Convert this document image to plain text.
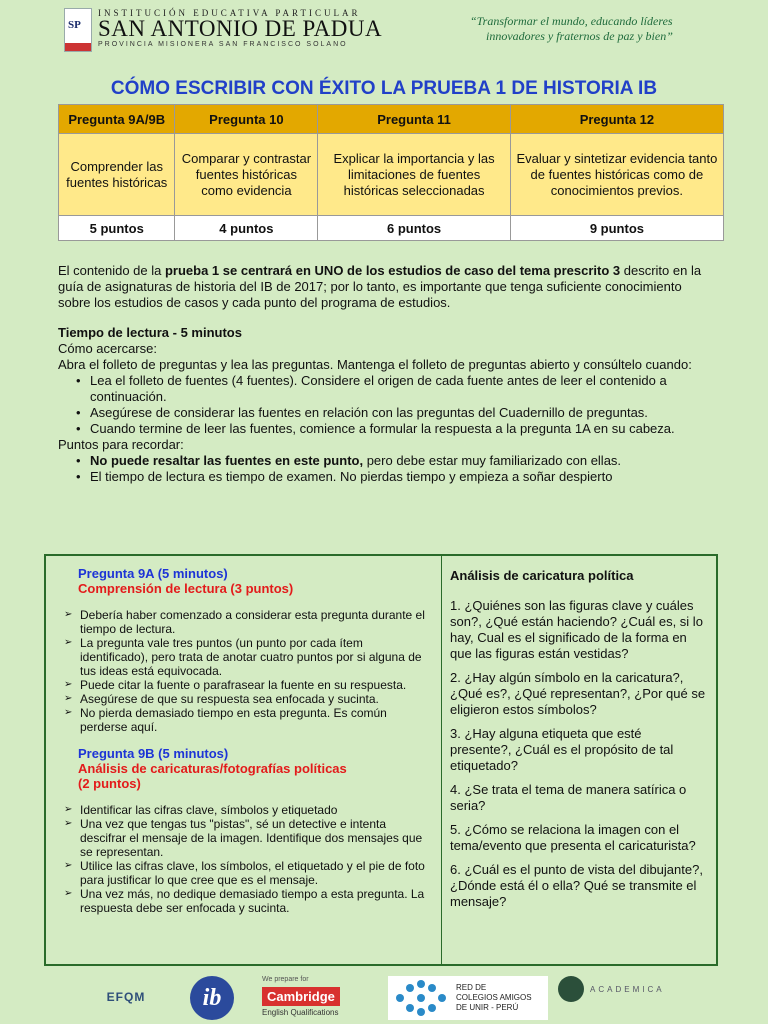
SP
INSTITUCIÓN EDUCATIVA PARTICULAR
SAN ANTONIO DE PADUA
PROVINCIA MISIONERA SAN FRANCISCO SOLANO
“Transformar el mundo, educando líderes
innovadores y fraternos de paz y bien”
CÓMO ESCRIBIR CON ÉXITO LA PRUEBA 1 DE HISTORIA IB
Pregunta 9A/9B	Pregunta 10	Pregunta 11	Pregunta 12
Comprender las fuentes históricas	Comparar y contrastar fuentes históricas como evidencia	Explicar la importancia y las limitaciones de fuentes históricas seleccionadas	Evaluar y sintetizar evidencia tanto de fuentes históricas como de conocimientos previos.
5 puntos	4 puntos	6 puntos	9 puntos

El contenido de la prueba 1 se centrará en UNO de los estudios de caso del tema prescrito 3 descrito en la guía de asignaturas de historia del IB de 2017; por lo tanto, es importante que tenga suficiente conocimiento sobre los estudios de casos y cada punto del programa de estudios.

Tiempo de lectura - 5 minutos
Cómo acercarse:
Abra el folleto de preguntas y lea las preguntas. Mantenga el folleto de preguntas abierto y consúltelo cuando:
• Lea el folleto de fuentes (4 fuentes). Considere el origen de cada fuente antes de leer el contenido a continuación.
• Asegúrese de considerar las fuentes en relación con las preguntas del Cuadernillo de preguntas.
• Cuando termine de leer las fuentes, comience a formular la respuesta a la pregunta 1A en su cabeza.
Puntos para recordar:
• No puede resaltar las fuentes en este punto, pero debe estar muy familiarizado con ellas.
• El tiempo de lectura es tiempo de examen. No pierdas tiempo y empieza a soñar despierto
Pregunta 9A (5 minutos)
Comprensión de lectura (3 puntos)
➢ Debería haber comenzado a considerar esta pregunta durante el tiempo de lectura.
➢ La pregunta vale tres puntos (un punto por cada ítem identificado), pero trata de anotar cuatro puntos por si alguna de tus ideas está equivocada.
➢ Puede citar la fuente o parafrasear la fuente en su respuesta.
➢ Asegúrese de que su respuesta sea enfocada y sucinta.
➢ No pierda demasiado tiempo en esta pregunta. Es común perderse aquí.
Pregunta 9B (5 minutos)
Análisis de caricaturas/fotografías políticas
(2 puntos)
➢ Identificar las cifras clave, símbolos y etiquetado
➢ Una vez que tengas tus "pistas", sé un detective e intenta descifrar el mensaje de la imagen. Identifique dos mensajes que se representan.
➢ Utilice las cifras clave, los símbolos, el etiquetado y el pie de foto para justificar lo que cree que es el mensaje.
➢ Una vez más, no dedique demasiado tiempo a esta pregunta. La respuesta debe ser enfocada y sucinta.
Análisis de caricatura política
1. ¿Quiénes son las figuras clave y cuáles son?, ¿Qué están haciendo? ¿Cuál es, si lo hay, Cual es el significado de la forma en que las figuras están vestidas?
2. ¿Hay algún símbolo en la caricatura?, ¿Qué es?, ¿Qué representan?, ¿Por qué se eligieron estos símbolos?
3. ¿Hay alguna etiqueta que esté presente?, ¿Cuál es el propósito de tal etiquetado?
4. ¿Se trata el tema de manera satírica o seria?
5. ¿Cómo se relaciona la imagen con el tema/evento que presenta el caricaturista?
6. ¿Cuál es el punto de vista del dibujante?, ¿Dónde está él o ella? Qué se transmite el mensaje?
EFQM	ib
We prepare for
Cambridge
English Qualifications
RED DE
COLEGIOS AMIGOS
DE UNIR - PERÚ
ACADEMICA
